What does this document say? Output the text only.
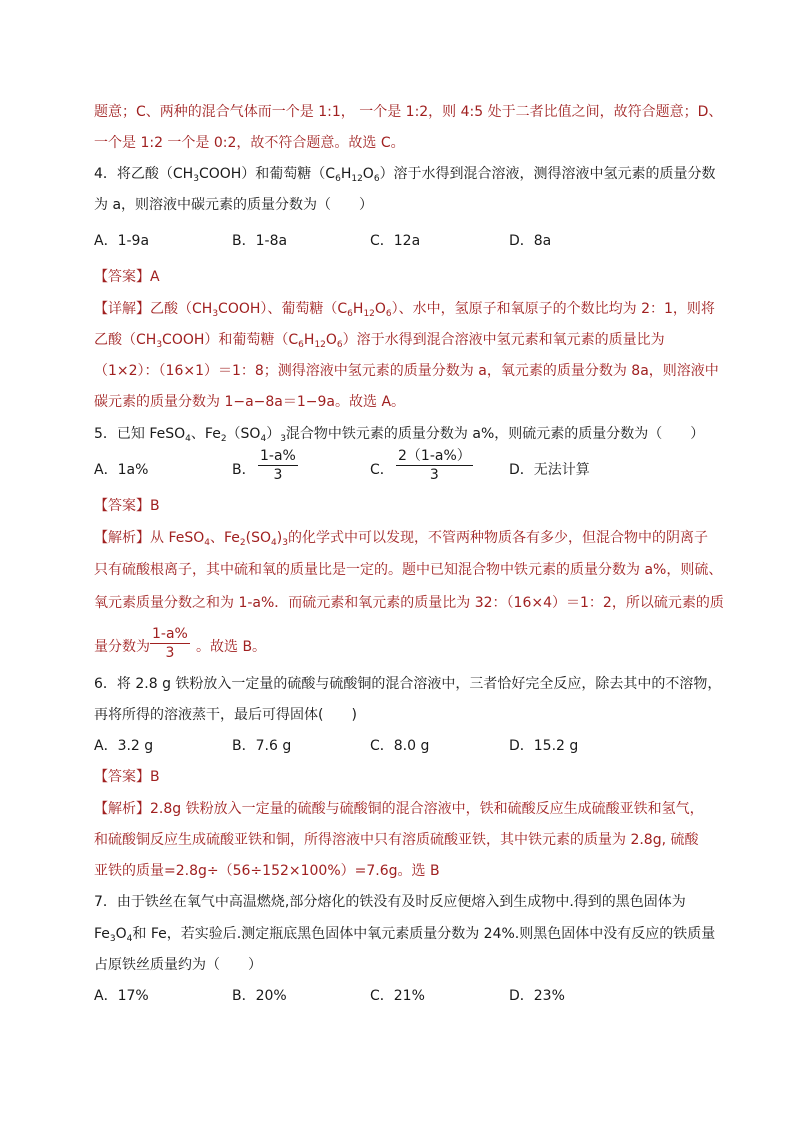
题意；C、两种的混合气体而一个是 1:1， 一个是 1:2，则 4:5 处于二者比值之间，故符合题意；D、
一个是 1:2 一个是 0:2，故不符合题意。故选 C。
4．将乙酸$(CH_3COOH)$和葡萄糖$(C_6H_{12}O_6)$溶于水得到混合溶液，测得溶液中氢元素的质量分数
为 a，则溶液中碳元素的质量分数为（　　）
A．1-9a	B．1-8a	C．12a	D．8a
【答案】A
【详解】乙酸$(CH_3COOH)$、葡萄糖$(C_6H_{12}O_6)$、水中，氢原子和氧原子的个数比均为 2：1，则将
乙酸$(CH_3COOH)$和葡萄糖$(C_6H_{12}O_6)$溶于水得到混合溶液中氢元素和氧元素的质量比为
（1×2）：（16×1）＝1：8；测得溶液中氢元素的质量分数为 a，氧元素的质量分数为 8a，则溶液中
碳元素的质量分数为 1−a−8a＝1−9a。故选 A。
5．已知 FeSO$_4$、$Fe_2(SO_4)_3$混合物中铁元素的质量分数为 a%，则硫元素的质量分数为（　　）
A．1a%	B．
1-a%
3	C．
2（1-a%）
3	D．无法计算
【答案】B
【解析】从 FeSO$_4$、$Fe_2(SO_4)_3$的化学式中可以发现，不管两种物质各有多少，但混合物中的阴离子
只有硫酸根离子，其中硫和氧的质量比是一定的。题中已知混合物中铁元素的质量分数为 a%，则硫、
氧元素质量分数之和为 1-a%．而硫元素和氧元素的质量比为 32：（16×4）＝1：2，所以硫元素的质
量分数为
1-a%
3	。故选 B。
6．将 2.8 g 铁粉放入一定量的硫酸与硫酸铜的混合溶液中，三者恰好完全反应，除去其中的不溶物，
再将所得的溶液蒸干，最后可得固体(　　)
A．3.2 g	B．7.6 g	C．8.0 g	D．15.2 g
【答案】B
【解析】2.8g 铁粉放入一定量的硫酸与硫酸铜的混合溶液中，铁和硫酸反应生成硫酸亚铁和氢气，
和硫酸铜反应生成硫酸亚铁和铜，所得溶液中只有溶质硫酸亚铁，其中铁元素的质量为 2.8g, 硫酸
亚铁的质量=2.8g÷（56÷152×100%）=7.6g。选 B
7．由于铁丝在氧气中高温燃烧,部分熔化的铁没有及时反应便熔入到生成物中.得到的黑色固体为
$Fe_3O_4$和 Fe，若实验后.测定瓶底黑色固体中氧元素质量分数为 24%.则黑色固体中没有反应的铁质量
占原铁丝质量约为（　　）
A．17%	B．20%	C．21%	D．23%
